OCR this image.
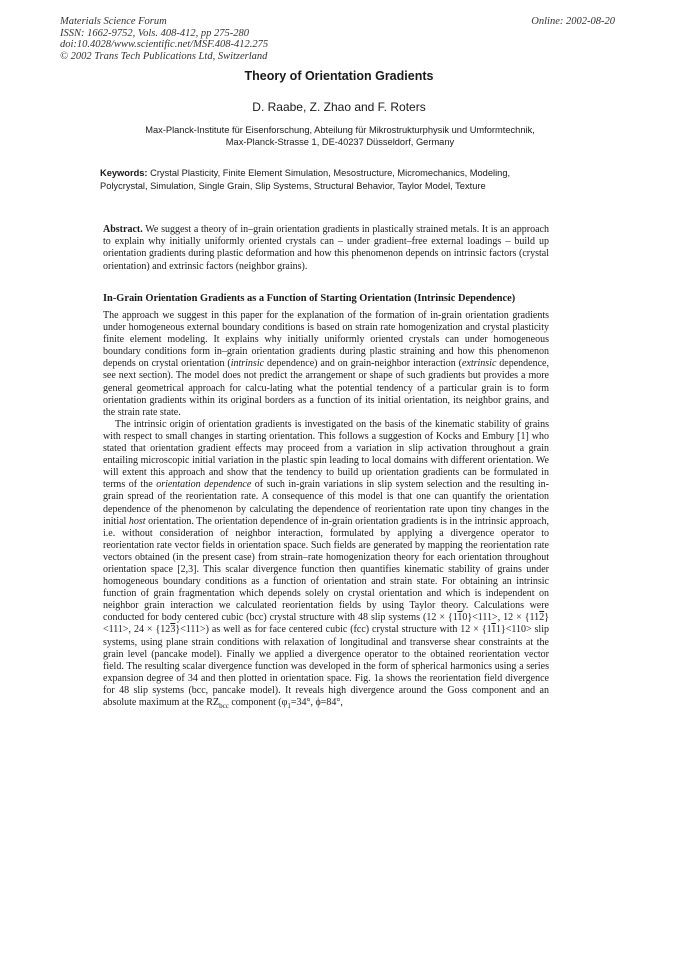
Materials Science Forum
ISSN: 1662-9752, Vols. 408-412, pp 275-280
doi:10.4028/www.scientific.net/MSF.408-412.275
© 2002 Trans Tech Publications Ltd, Switzerland
Online: 2002-08-20
Theory of Orientation Gradients
D. Raabe, Z. Zhao and F. Roters
Max-Planck-Institute für Eisenforschung, Abteilung für Mikrostrukturphysik und Umformtechnik,
Max-Planck-Strasse 1, DE-40237 Düsseldorf, Germany
Keywords: Crystal Plasticity, Finite Element Simulation, Mesostructure, Micromechanics, Modeling, Polycrystal, Simulation, Single Grain, Slip Systems, Structural Behavior, Taylor Model, Texture
Abstract. We suggest a theory of in–grain orientation gradients in plastically strained metals. It is an approach to explain why initially uniformly oriented crystals can – under gradient–free external loadings – build up orientation gradients during plastic deformation and how this phenomenon depends on intrinsic factors (crystal orientation) and extrinsic factors (neighbor grains).
In-Grain Orientation Gradients as a Function of Starting Orientation (Intrinsic Dependence)

The approach we suggest in this paper for the explanation of the formation of in-grain orientation gradients under homogeneous external boundary conditions is based on strain rate homogenization and crystal plasticity finite element modeling. It explains why initially uniformly oriented crystals can under homogeneous boundary conditions form in–grain orientation gradients during plastic straining and how this phenomenon depends on crystal orientation (intrinsic dependence) and on grain-neighbor interaction (extrinsic dependence, see next section). The model does not predict the arrangement or shape of such gradients but provides a more general geometrical approach for calcu-lating what the potential tendency of a particular grain is to form orientation gradients within its original borders as a function of its initial orientation, its neighbor grains, and the strain rate state.

The intrinsic origin of orientation gradients is investigated on the basis of the kinematic stability of grains with respect to small changes in starting orientation. This follows a suggestion of Kocks and Embury [1] who stated that orientation gradient effects may proceed from a variation in slip activation throughout a grain entailing microscopic initial variation in the plastic spin leading to local domains with different orientation. We will extent this approach and show that the tendency to build up orientation gradients can be formulated in terms of the orientation dependence of such in-grain variations in slip system selection and the resulting in-grain spread of the reorientation rate. A consequence of this model is that one can quantify the orientation dependence of the phenomenon by calculating the dependence of reorientation rate upon tiny changes in the initial host orientation. The orientation dependence of in-grain orientation gradients is in the intrinsic approach, i.e. without consideration of neighbor interaction, formulated by applying a divergence operator to reorientation rate vector fields in orientation space. Such fields are generated by mapping the reorientation rate vectors obtained (in the present case) from strain–rate homogenization theory for each orientation throughout orientation space [2,3]. This scalar divergence function then quantifies kinematic stability of grains under homogeneous boundary conditions as a function of orientation and strain state. For obtaining an intrinsic function of grain fragmentation which depends solely on crystal orientation and which is independent on neighbor grain interaction we calculated reorientation fields by using Taylor theory. Calculations were conducted for body centered cubic (bcc) crystal structure with 48 slip systems (12 × {110}<111>, 12 × {112}<111>, 24 × {123}<111>) as well as for face centered cubic (fcc) crystal structure with 12 × {111}<110> slip systems, using plane strain conditions with relaxation of longitudinal and transverse shear constraints at the grain level (pancake model). Finally we applied a divergence operator to the obtained reorientation vector field. The resulting scalar divergence function was developed in the form of spherical harmonics using a series expansion degree of 34 and then plotted in orientation space. Fig. 1a shows the reorientation field divergence for 48 slip systems (bcc, pancake model). It reveals high divergence around the Goss component and an absolute maximum at the $RZ_{bcc}$ component ($\varphi_1=34^\circ$, ϕ=84°,
